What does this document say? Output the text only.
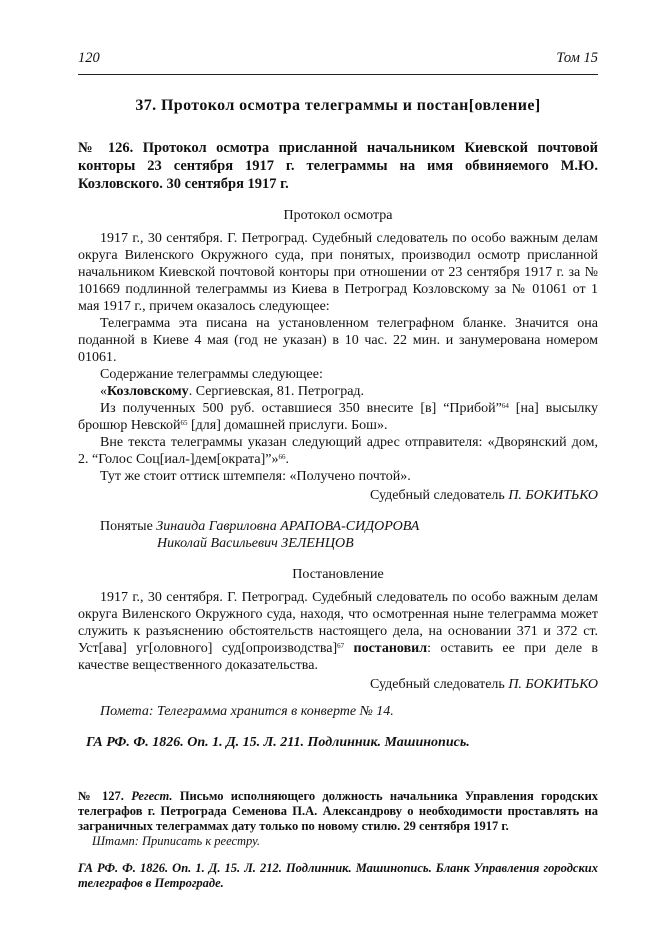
120	Том 15
37. Протокол осмотра телеграммы и постан[овление]

№ 126. Протокол осмотра присланной начальником Киевской почтовой конторы 23 сентября 1917 г. телеграммы на имя обвиняемого М.Ю. Козловского. 30 сентября 1917 г.

Протокол осмотра

1917 г., 30 сентября. Г. Петроград. Судебный следователь по особо важным делам округа Виленского Окружного суда, при понятых, производил осмотр присланной начальником Киевской почтовой конторы при отношении от 23 сентября 1917 г. за № 101669 подлинной телеграммы из Киева в Петроград Козловскому за № 01061 от 1 мая 1917 г., причем оказалось следующее:

Телеграмма эта писана на установленном телеграфном бланке. Значится она поданной в Киеве 4 мая (год не указан) в 10 час. 22 мин. и занумерована номером 01061.

Содержание телеграммы следующее:

«Козловскому. Сергиевская, 81. Петроград.

Из полученных 500 руб. оставшиеся 350 внесите [в] “Прибой”$^{64}$ [на] высылку брошюр Невской$^{65}$ [для] домашней прислуги. Бош».

Вне текста телеграммы указан следующий адрес отправителя: «Дворянский дом, 2. “Голос Соц[иал-]дем[ократа]”»$^{66}$.

Тут же стоит оттиск штемпеля: «Получено почтой».

Судебный следователь П. БОКИТЬКО

Понятые Зинаида Гавриловна АРАПОВА-СИДОРОВА

Николай Васильевич ЗЕЛЕНЦОВ

Постановление

1917 г., 30 сентября. Г. Петроград. Судебный следователь по особо важным делам округа Виленского Окружного суда, находя, что осмотренная ныне телеграмма может служить к разъяснению обстоятельств настоящего дела, на основании 371 и 372 ст. Уст[ава] уг[оловного] суд[опроизводства]$^{67}$ постановил: оставить ее при деле в качестве вещественного доказательства.

Судебный следователь П. БОКИТЬКО

Помета: Телеграмма хранится в конверте № 14.

ГА РФ. Ф. 1826. Оп. 1. Д. 15. Л. 211. Подлинник. Машинопись.

№ 127. Регест. Письмо исполняющего должность начальника Управления городских телеграфов г. Петрограда Семенова П.А. Александрову о необходимости проставлять на заграничных телеграммах дату только по новому стилю. 29 сентября 1917 г.

Штамп: Приписать к реестру.

ГА РФ. Ф. 1826. Оп. 1. Д. 15. Л. 212. Подлинник. Машинопись. Бланк Управления городских телеграфов в Петрограде.
